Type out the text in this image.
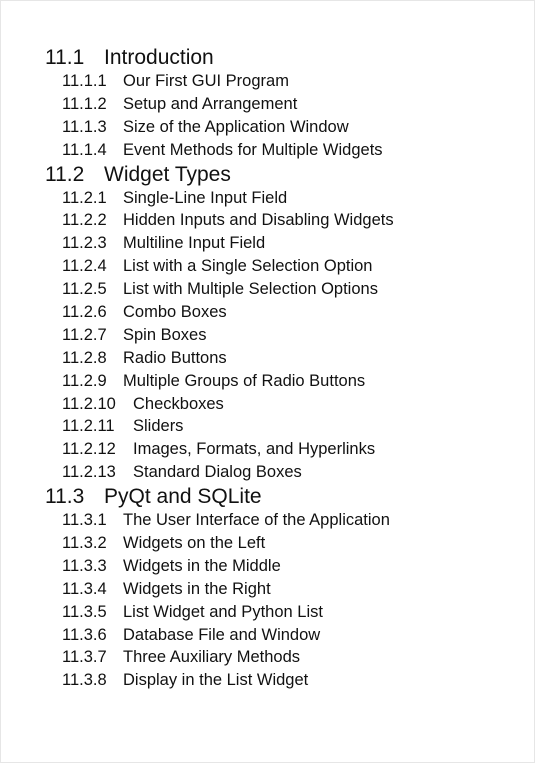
11.1 Introduction
11.1.1 Our First GUI Program
11.1.2 Setup and Arrangement
11.1.3 Size of the Application Window
11.1.4 Event Methods for Multiple Widgets
11.2 Widget Types
11.2.1 Single-Line Input Field
11.2.2 Hidden Inputs and Disabling Widgets
11.2.3 Multiline Input Field
11.2.4 List with a Single Selection Option
11.2.5 List with Multiple Selection Options
11.2.6 Combo Boxes
11.2.7 Spin Boxes
11.2.8 Radio Buttons
11.2.9 Multiple Groups of Radio Buttons
11.2.10 Checkboxes
11.2.11 Sliders
11.2.12 Images, Formats, and Hyperlinks
11.2.13 Standard Dialog Boxes
11.3 PyQt and SQLite
11.3.1 The User Interface of the Application
11.3.2 Widgets on the Left
11.3.3 Widgets in the Middle
11.3.4 Widgets in the Right
11.3.5 List Widget and Python List
11.3.6 Database File and Window
11.3.7 Three Auxiliary Methods
11.3.8 Display in the List Widget
